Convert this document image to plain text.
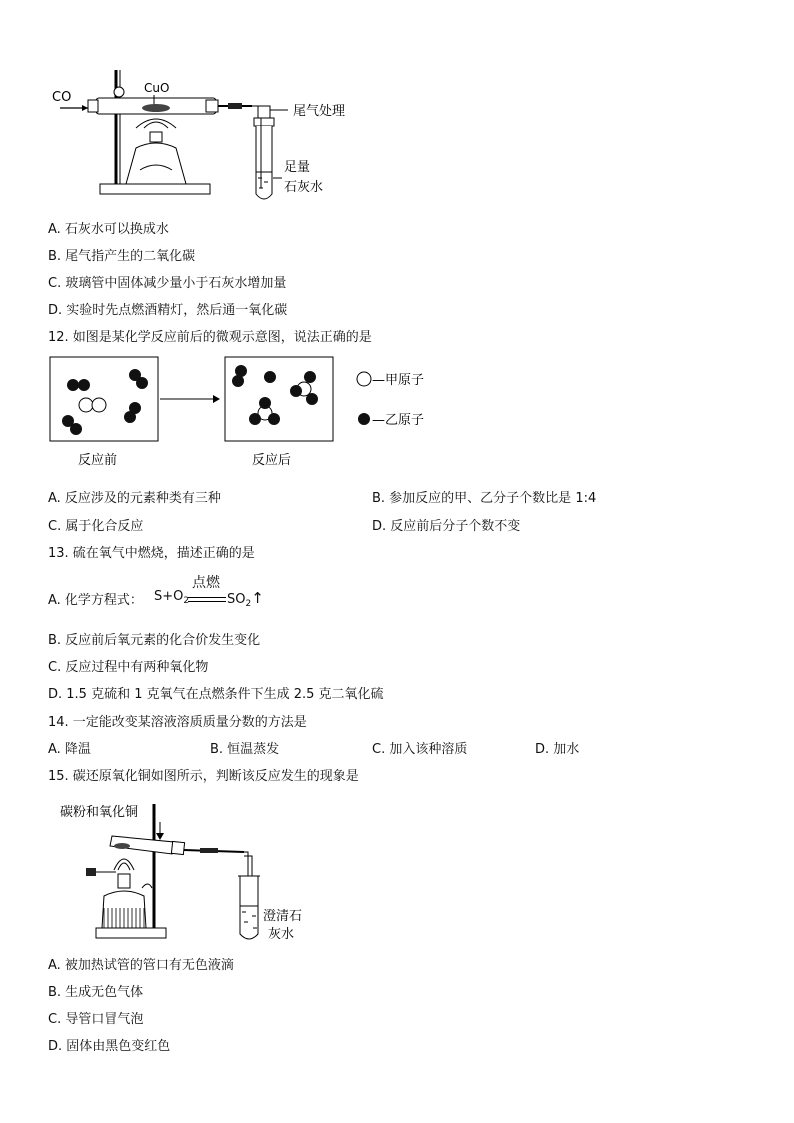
CO
CuO
尾气处理
足量
石灰水
A. 石灰水可以换成水
B. 尾气指产生的二氧化碳
C. 玻璃管中固体减少量小于石灰水增加量
D. 实验时先点燃酒精灯，然后通一氧化碳
12. 如图是某化学反应前后的微观示意图，说法正确的是
反应前	反应后
—甲原子
—乙原子
A. 反应涉及的元素种类有三种	B. 参加反应的甲、乙分子个数比是 1:4
C. 属于化合反应	D. 反应前后分子个数不变
13. 硫在氧气中燃烧，描述正确的是
A. 化学方程式： $S+O_2$
点燃
$SO_2↑$
B. 反应前后氧元素的化合价发生变化
C. 反应过程中有两种氧化物
D. 1.5 克硫和 1 克氧气在点燃条件下生成 2.5 克二氧化硫
14. 一定能改变某溶液溶质质量分数的方法是
A. 降温	B. 恒温蒸发	C. 加入该种溶质	D. 加水
15. 碳还原氧化铜如图所示，判断该反应发生的现象是
碳粉和氧化铜
澄清石
灰水
A. 被加热试管的管口有无色液滴
B. 生成无色气体
C. 导管口冒气泡
D. 固体由黑色变红色
